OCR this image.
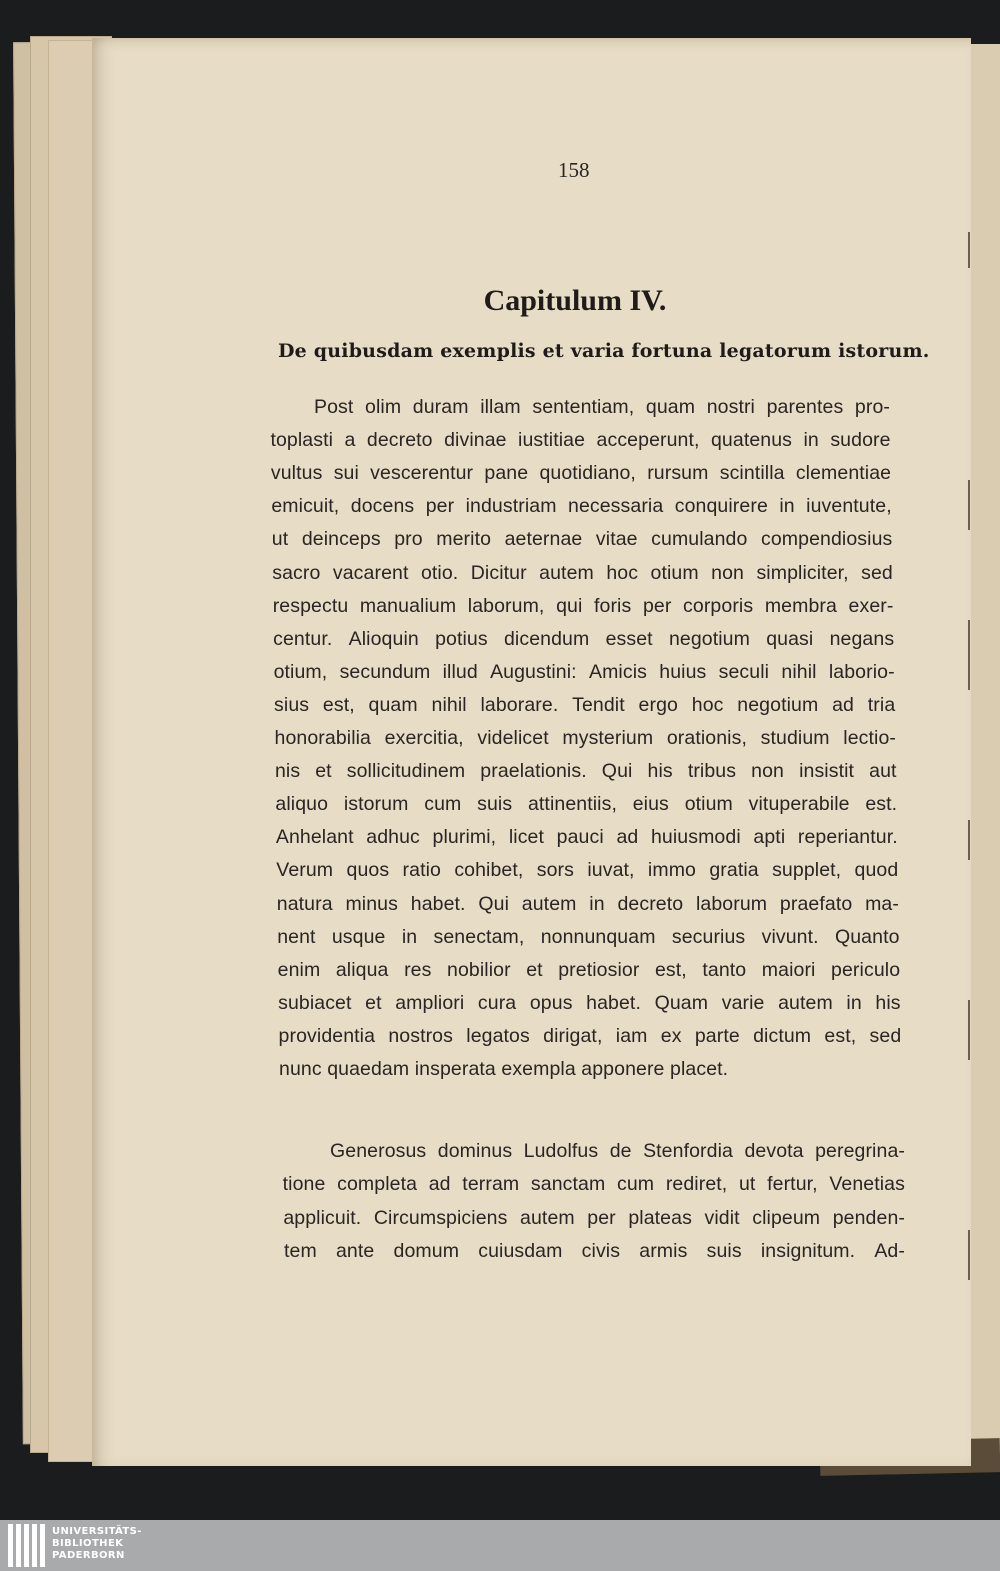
158
Capitulum IV.
De quibusdam exemplis et varia fortuna legatorum istorum.
Post olim duram illam sententiam, quam nostri parentes pro-
toplasti a decreto divinae iustitiae acceperunt, quatenus in sudore
vultus sui vescerentur pane quotidiano, rursum scintilla clementiae
emicuit, docens per industriam necessaria conquirere in iuventute,
ut deinceps pro merito aeternae vitae cumulando compendiosius
sacro vacarent otio. Dicitur autem hoc otium non simpliciter, sed
respectu manualium laborum, qui foris per corporis membra exer-
centur. Alioquin potius dicendum esset negotium quasi negans
otium, secundum illud Augustini: Amicis huius seculi nihil laborio-
sius est, quam nihil laborare. Tendit ergo hoc negotium ad tria
honorabilia exercitia, videlicet mysterium orationis, studium lectio-
nis et sollicitudinem praelationis. Qui his tribus non insistit aut
aliquo istorum cum suis attinentiis, eius otium vituperabile est.
Anhelant adhuc plurimi, licet pauci ad huiusmodi apti reperiantur.
Verum quos ratio cohibet, sors iuvat, immo gratia supplet, quod
natura minus habet. Qui autem in decreto laborum praefato ma-
nent usque in senectam, nonnunquam securius vivunt. Quanto
enim aliqua res nobilior et pretiosior est, tanto maiori periculo
subiacet et ampliori cura opus habet. Quam varie autem in his
providentia nostros legatos dirigat, iam ex parte dictum est, sed
nunc quaedam insperata exempla apponere placet.
Generosus dominus Ludolfus de Stenfordia devota peregrina-
tione completa ad terram sanctam cum rediret, ut fertur, Venetias
applicuit. Circumspiciens autem per plateas vidit clipeum penden-
tem ante domum cuiusdam civis armis suis insignitum. Ad-
UNIVERSITÄTS-
BIBLIOTHEK
PADERBORN
